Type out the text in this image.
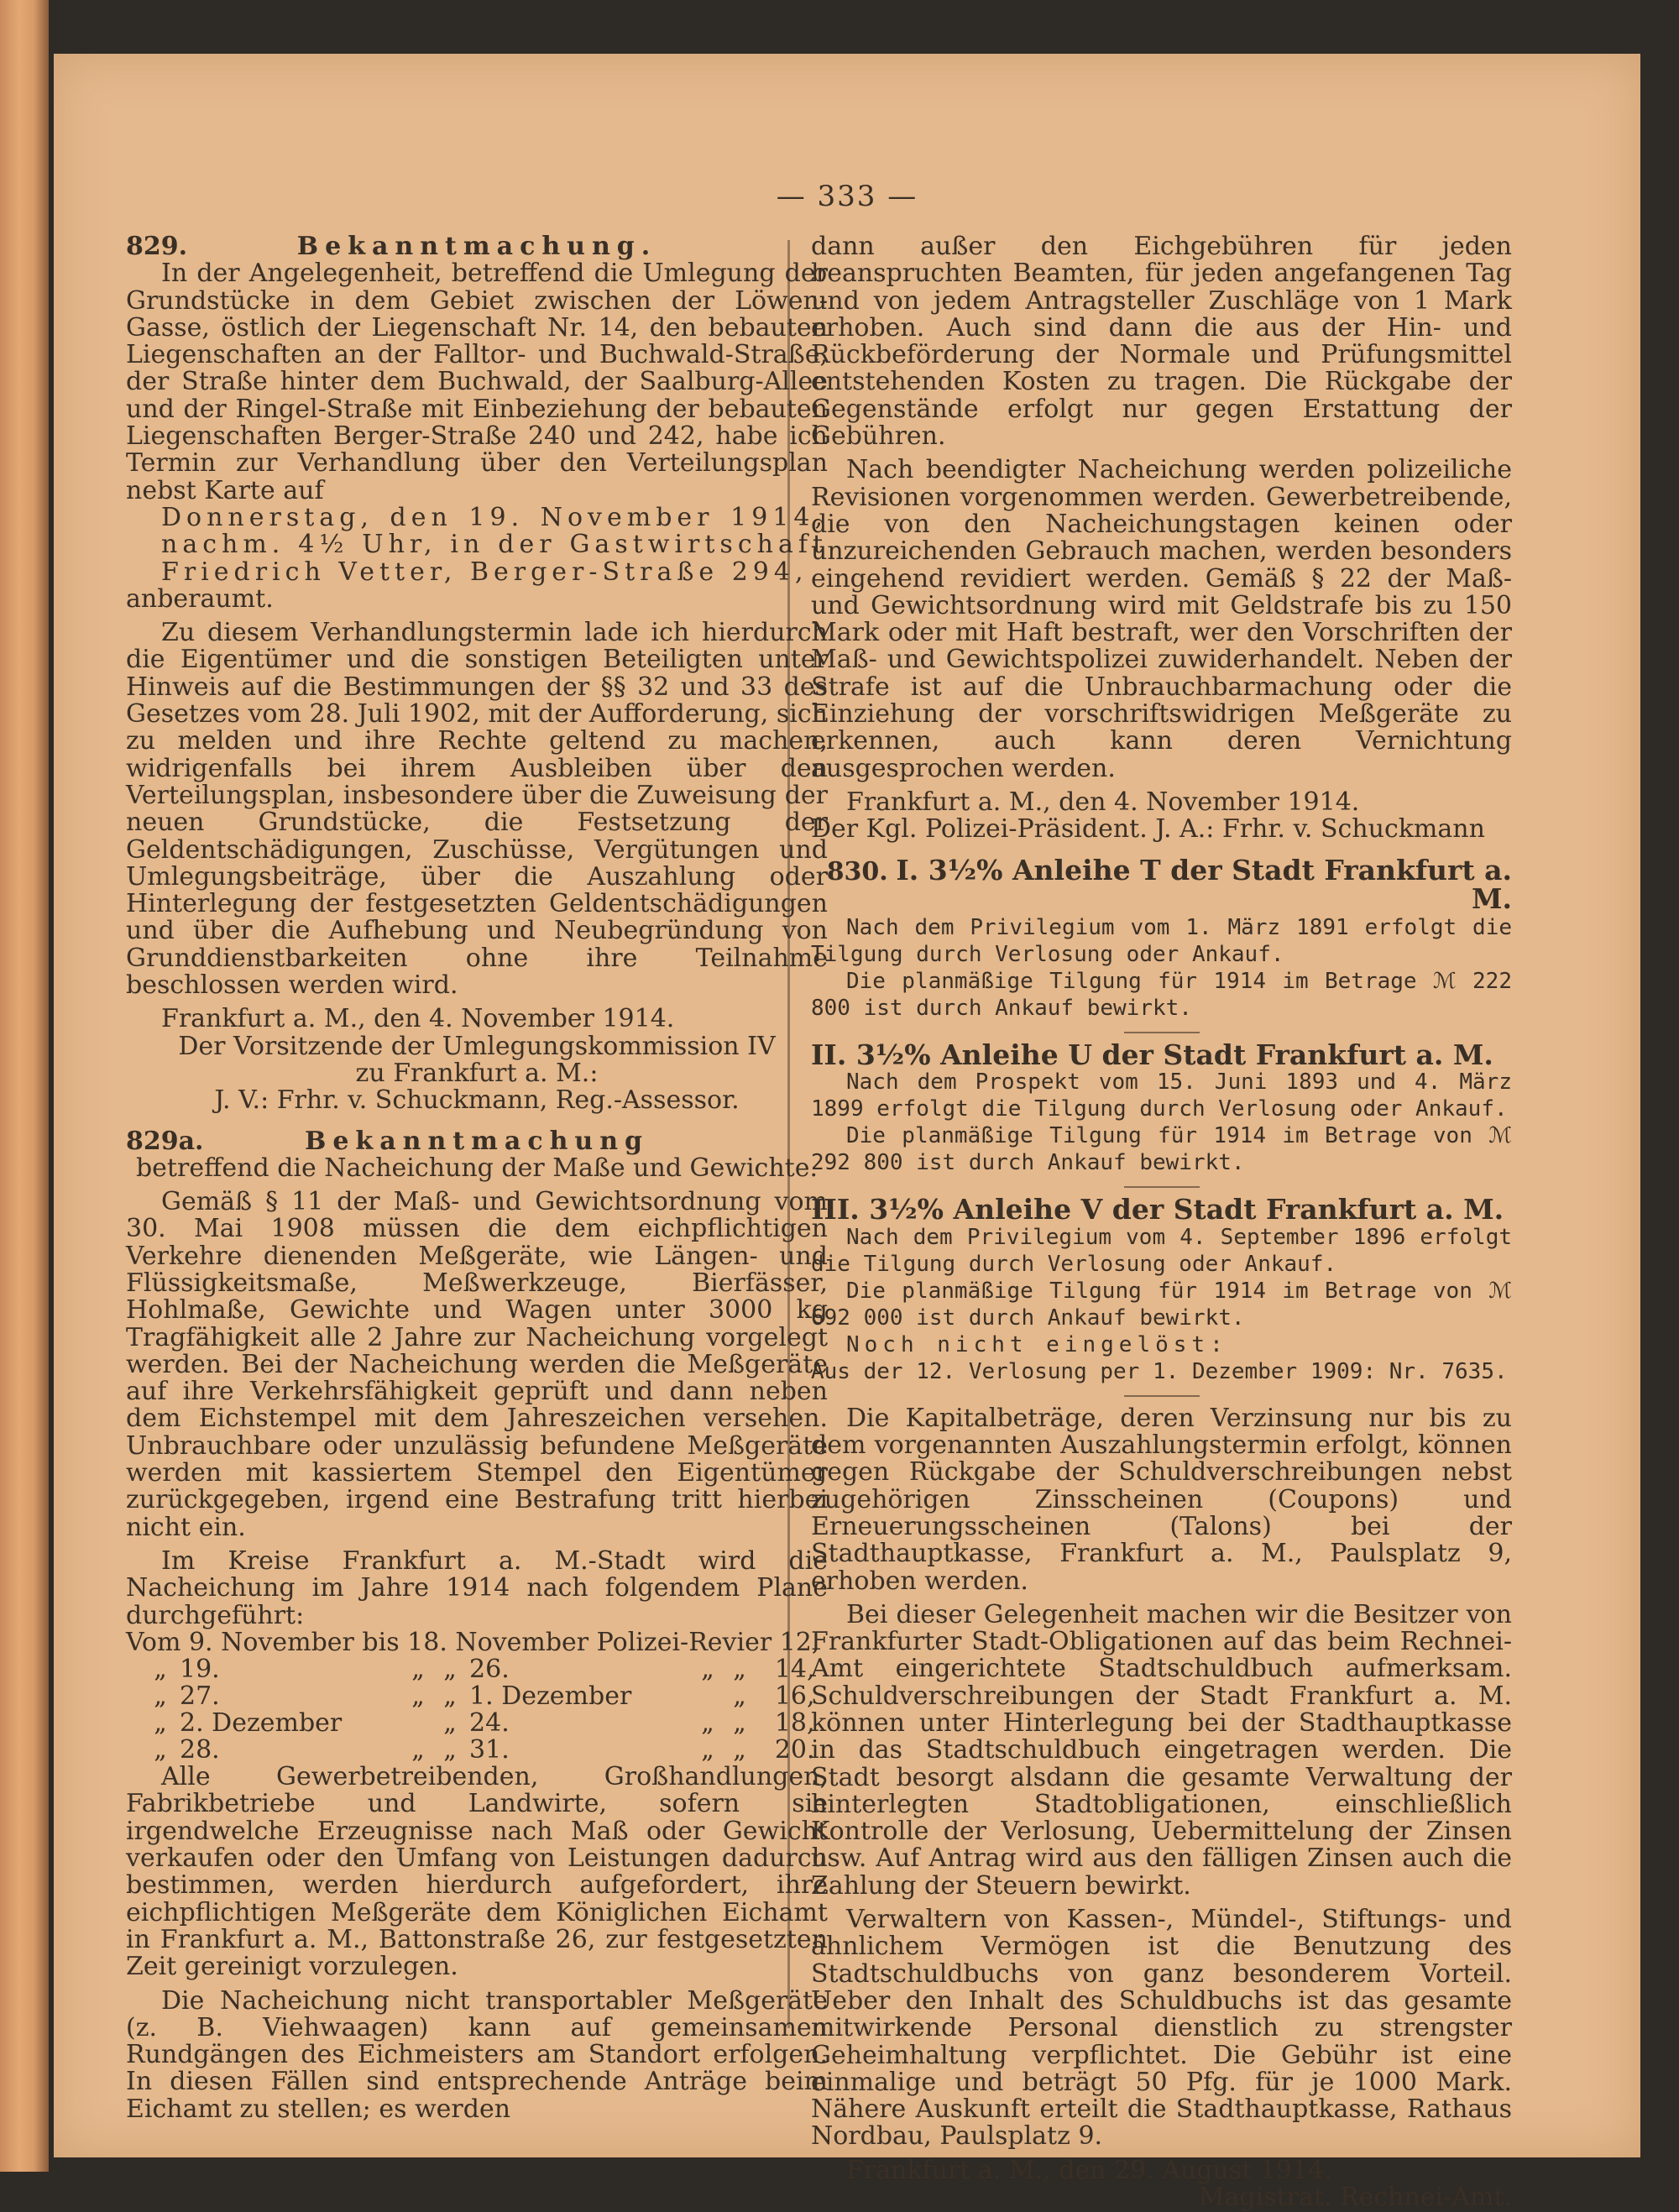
— 333 —
829.	Bekanntmachung.

In der Angelegenheit, betreffend die Umlegung der Grundstücke in dem Gebiet zwischen der Löwen-Gasse, östlich der Liegenschaft Nr. 14, den bebauten Liegenschaften an der Falltor- und Buchwald-Straße, der Straße hinter dem Buchwald, der Saalburg-Allee und der Ringel-Straße mit Einbeziehung der bebauten Liegenschaften Berger-Straße 240 und 242, habe ich Termin zur Verhandlung über den Verteilungsplan nebst Karte auf

Donnerstag, den 19. November 1914, nachm. 4½ Uhr, in der Gastwirtschaft Friedrich Vetter, Berger-Straße 294,

anberaumt.

Zu diesem Verhandlungstermin lade ich hierdurch die Eigentümer und die sonstigen Beteiligten unter Hinweis auf die Bestimmungen der §§ 32 und 33 des Gesetzes vom 28. Juli 1902, mit der Aufforderung, sich zu melden und ihre Rechte geltend zu machen, widrigenfalls bei ihrem Ausbleiben über den Verteilungsplan, insbesondere über die Zuweisung der neuen Grundstücke, die Festsetzung der Geldentschädigungen, Zuschüsse, Vergütungen und Umlegungsbeiträge, über die Auszahlung oder Hinterlegung der festgesetzten Geldentschädigungen und über die Aufhebung und Neubegründung von Grunddienstbarkeiten ohne ihre Teilnahme beschlossen werden wird.

Frankfurt a. M., den 4. November 1914.

Der Vorsitzende der Umlegungskommission IV

zu Frankfurt a. M.:

J. V.: Frhr. v. Schuckmann, Reg.-Assessor.

829a.	Bekanntmachung

betreffend die Nacheichung der Maße und Gewichte.

Gemäß § 11 der Maß- und Gewichtsordnung vom 30. Mai 1908 müssen die dem eichpflichtigen Verkehre dienenden Meßgeräte, wie Längen- und Flüssigkeitsmaße, Meßwerkzeuge, Bierfässer, Hohlmaße, Gewichte und Wagen unter 3000 kg Tragfähigkeit alle 2 Jahre zur Nacheichung vorgelegt werden. Bei der Nacheichung werden die Meßgeräte auf ihre Verkehrsfähigkeit geprüft und dann neben dem Eichstempel mit dem Jahreszeichen versehen. Unbrauchbare oder unzulässig befundene Meßgeräte werden mit kassiertem Stempel den Eigentümer zurückgegeben, irgend eine Bestrafung tritt hierbei nicht ein.

Im Kreise Frankfurt a. M.-Stadt wird die Nacheichung im Jahre 1914 nach folgendem Plane durchgeführt:

Vom 9. November bis 18. November Polizei-Revier 12,

„	19.	„	„	26.	„	„	14,
„	27.	„	„	1. Dezember		„	16,
„	2. Dezember		„	24.	„	„	18,
„	28.	„	„	31.	„	„	20.

Alle Gewerbetreibenden, Großhandlungen, Fabrikbetriebe und Landwirte, sofern sie irgendwelche Erzeugnisse nach Maß oder Gewicht verkaufen oder den Umfang von Leistungen dadurch bestimmen, werden hierdurch aufgefordert, ihre eichpflichtigen Meßgeräte dem Königlichen Eichamt in Frankfurt a. M., Battonstraße 26, zur festgesetzten Zeit gereinigt vorzulegen.

Die Nacheichung nicht transportabler Meßgeräte (z. B. Viehwaagen) kann auf gemeinsamen Rundgängen des Eichmeisters am Standort erfolgen. In diesen Fällen sind entsprechende Anträge beim Eichamt zu stellen; es werden

dann außer den Eichgebühren für jeden beanspruchten Beamten, für jeden angefangenen Tag und von jedem Antragsteller Zuschläge von 1 Mark erhoben. Auch sind dann die aus der Hin- und Rückbeförderung der Normale und Prüfungsmittel entstehenden Kosten zu tragen. Die Rückgabe der Gegenstände erfolgt nur gegen Erstattung der Gebühren.

Nach beendigter Nacheichung werden polizeiliche Revisionen vorgenommen werden. Gewerbetreibende, die von den Nacheichungstagen keinen oder unzureichenden Gebrauch machen, werden besonders eingehend revidiert werden. Gemäß § 22 der Maß- und Gewichtsordnung wird mit Geldstrafe bis zu 150 Mark oder mit Haft bestraft, wer den Vorschriften der Maß- und Gewichtspolizei zuwiderhandelt. Neben der Strafe ist auf die Unbrauchbarmachung oder die Einziehung der vorschriftswidrigen Meßgeräte zu erkennen, auch kann deren Vernichtung ausgesprochen werden.

Frankfurt a. M., den 4. November 1914.

Der Kgl. Polizei-Präsident. J. A.: Frhr. v. Schuckmann

830. I. 3½% Anleihe T der Stadt Frankfurt a. M.

Nach dem Privilegium vom 1. März 1891 erfolgt die Tilgung durch Verlosung oder Ankauf.

Die planmäßige Tilgung für 1914 im Betrage ℳ 222 800 ist durch Ankauf bewirkt.

II. 3½% Anleihe U der Stadt Frankfurt a. M.

Nach dem Prospekt vom 15. Juni 1893 und 4. März 1899 erfolgt die Tilgung durch Verlosung oder Ankauf.

Die planmäßige Tilgung für 1914 im Betrage von ℳ 292 800 ist durch Ankauf bewirkt.

III. 3½% Anleihe V der Stadt Frankfurt a. M.

Nach dem Privilegium vom 4. September 1896 erfolgt die Tilgung durch Verlosung oder Ankauf.

Die planmäßige Tilgung für 1914 im Betrage von ℳ 692 000 ist durch Ankauf bewirkt.

Noch nicht eingelöst:

Aus der 12. Verlosung per 1. Dezember 1909: Nr. 7635.

Die Kapitalbeträge, deren Verzinsung nur bis zu dem vorgenannten Auszahlungstermin erfolgt, können gegen Rückgabe der Schuldverschreibungen nebst zugehörigen Zinsscheinen (Coupons) und Erneuerungsscheinen (Talons) bei der Stadthauptkasse, Frankfurt a. M., Paulsplatz 9, erhoben werden.

Bei dieser Gelegenheit machen wir die Besitzer von Frankfurter Stadt-Obligationen auf das beim Rechnei-Amt eingerichtete Stadtschuldbuch aufmerksam. Schuldverschreibungen der Stadt Frankfurt a. M. können unter Hinterlegung bei der Stadthauptkasse in das Stadtschuldbuch eingetragen werden. Die Stadt besorgt alsdann die gesamte Verwaltung der hinterlegten Stadtobligationen, einschließlich Kontrolle der Verlosung, Uebermittelung der Zinsen usw. Auf Antrag wird aus den fälligen Zinsen auch die Zahlung der Steuern bewirkt.

Verwaltern von Kassen-, Mündel-, Stiftungs- und ähnlichem Vermögen ist die Benutzung des Stadtschuldbuchs von ganz besonderem Vorteil. Ueber den Inhalt des Schuldbuchs ist das gesamte mitwirkende Personal dienstlich zu strengster Geheimhaltung verpflichtet. Die Gebühr ist eine einmalige und beträgt 50 Pfg. für je 1000 Mark. Nähere Auskunft erteilt die Stadthauptkasse, Rathaus Nordbau, Paulsplatz 9.

Frankfurt a. M., den 29. August 1914.

Magistrat. Rechnei-Amt.
